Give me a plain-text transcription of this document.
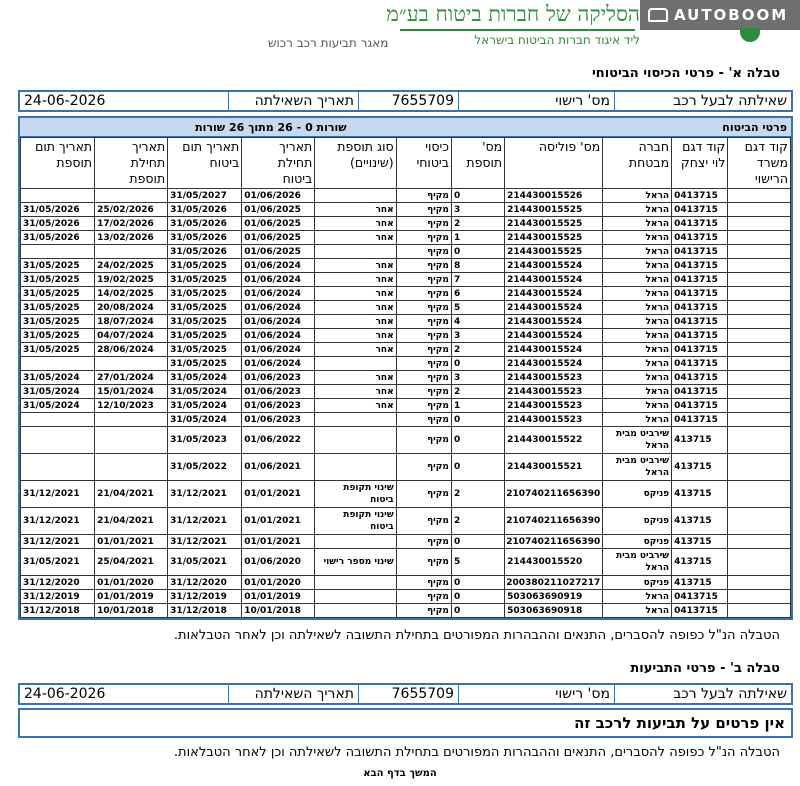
הסליקה של חברות ביטוח בע״מ
ליד איגוד חברות הביטוח בישראל
מאגר תביעות רכב רכוש
AUTOBOOM
טבלה א' - פרטי הכיסוי הביטוחי
שאילתה לבעל רכב
מס' רישוי
7655709
תאריך השאילתה
24-06-2026
פרטי הביטוח
שורות 0 - 26 מתוך 26 שורות
קוד דגם משרד הרישוי	קוד דגם לוי יצחק	חברה מבטחת	מס' פוליסה	מס' תוספת	כיסוי ביטוחי	סוג תוספת (שינויים)	תאריך תחילת ביטוח	תאריך תום ביטוח	תאריך תחילת תוספת	תאריך תום תוספת
	0413715	הראל	214430015526	0	מקיף		01/06/2026	31/05/2027		
	0413715	הראל	214430015525	3	מקיף	אחר	01/06/2025	31/05/2026	25/02/2026	31/05/2026
	0413715	הראל	214430015525	2	מקיף	אחר	01/06/2025	31/05/2026	17/02/2026	31/05/2026
	0413715	הראל	214430015525	1	מקיף	אחר	01/06/2025	31/05/2026	13/02/2026	31/05/2026
	0413715	הראל	214430015525	0	מקיף		01/06/2025	31/05/2026		
	0413715	הראל	214430015524	8	מקיף	אחר	01/06/2024	31/05/2025	24/02/2025	31/05/2025
	0413715	הראל	214430015524	7	מקיף	אחר	01/06/2024	31/05/2025	19/02/2025	31/05/2025
	0413715	הראל	214430015524	6	מקיף	אחר	01/06/2024	31/05/2025	14/02/2025	31/05/2025
	0413715	הראל	214430015524	5	מקיף	אחר	01/06/2024	31/05/2025	20/08/2024	31/05/2025
	0413715	הראל	214430015524	4	מקיף	אחר	01/06/2024	31/05/2025	18/07/2024	31/05/2025
	0413715	הראל	214430015524	3	מקיף	אחר	01/06/2024	31/05/2025	04/07/2024	31/05/2025
	0413715	הראל	214430015524	2	מקיף	אחר	01/06/2024	31/05/2025	28/06/2024	31/05/2025
	0413715	הראל	214430015524	0	מקיף		01/06/2024	31/05/2025		
	0413715	הראל	214430015523	3	מקיף	אחר	01/06/2023	31/05/2024	27/01/2024	31/05/2024
	0413715	הראל	214430015523	2	מקיף	אחר	01/06/2023	31/05/2024	15/01/2024	31/05/2024
	0413715	הראל	214430015523	1	מקיף	אחר	01/06/2023	31/05/2024	12/10/2023	31/05/2024
	0413715	הראל	214430015523	0	מקיף		01/06/2023	31/05/2024		
	413715	שירביט מבית הראל	214430015522	0	מקיף		01/06/2022	31/05/2023		
	413715	שירביט מבית הראל	214430015521	0	מקיף		01/06/2021	31/05/2022		
	413715	פניקס	210740211656390	2	מקיף	שינוי תקופת ביטוח	01/01/2021	31/12/2021	21/04/2021	31/12/2021
	413715	פניקס	210740211656390	2	מקיף	שינוי תקופת ביטוח	01/01/2021	31/12/2021	21/04/2021	31/12/2021
	413715	פניקס	210740211656390	0	מקיף		01/01/2021	31/12/2021	01/01/2021	31/12/2021
	413715	שירביט מבית הראל	214430015520	5	מקיף	שינוי מספר רישוי	01/06/2020	31/05/2021	25/04/2021	31/05/2021
	413715	פניקס	200380211027217	0	מקיף		01/01/2020	31/12/2020	01/01/2020	31/12/2020
	0413715	הראל	503063690919	0	מקיף		01/01/2019	31/12/2019	01/01/2019	31/12/2019
	0413715	הראל	503063690918	0	מקיף		10/01/2018	31/12/2018	10/01/2018	31/12/2018
הטבלה הנ"ל כפופה להסברים, התנאים וההבהרות המפורטים בתחילת התשובה לשאילתה וכן לאחר הטבלאות.
טבלה ב' - פרטי התביעות
שאילתה לבעל רכב
מס' רישוי
7655709
תאריך השאילתה
24-06-2026
אין פרטים על תביעות לרכב זה
הטבלה הנ"ל כפופה להסברים, התנאים וההבהרות המפורטים בתחילת התשובה לשאילתה וכן לאחר הטבלאות.
המשך בדף הבא
